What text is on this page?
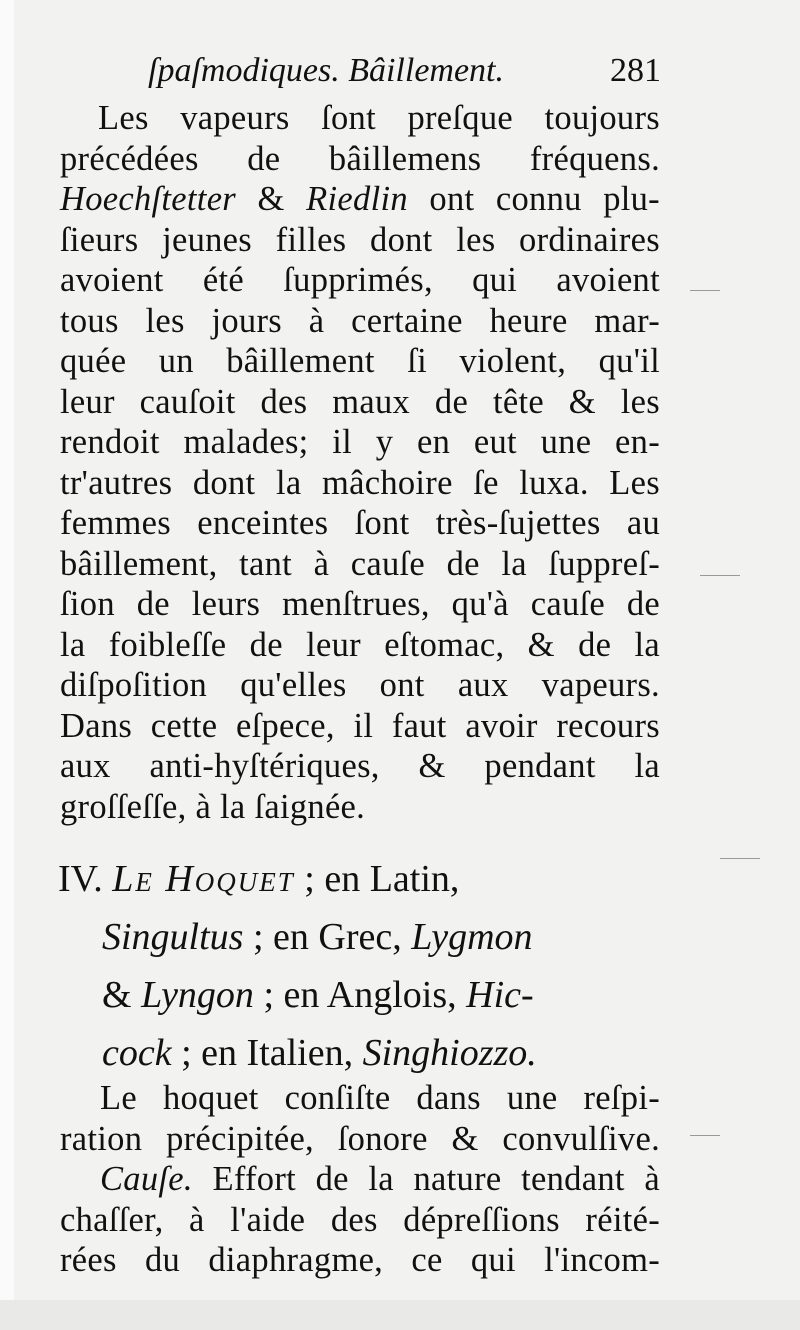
ſpaſmodiques. Bâillement.	281
Les vapeurs ſont preſque toujours
précédées de bâillemens fréquens.
Hoechſtetter & Riedlin ont connu plu-
ſieurs jeunes filles dont les ordinaires
avoient été ſupprimés, qui avoient
tous les jours à certaine heure mar-
quée un bâillement ſi violent, qu'il
leur cauſoit des maux de tête & les
rendoit malades; il y en eut une en-
tr'autres dont la mâchoire ſe luxa. Les
femmes enceintes ſont très-ſujettes au
bâillement, tant à cauſe de la ſuppreſ-
ſion de leurs menſtrues, qu'à cauſe de
la foibleſſe de leur eſtomac, & de la
diſpoſition qu'elles ont aux vapeurs.
Dans cette eſpece, il faut avoir recours
aux anti-hyſtériques, & pendant la
groſſeſſe, à la ſaignée.
IV. Le Hoquet ; en Latin,
Singultus ; en Grec, Lygmon
& Lyngon ; en Anglois, Hic-
cock ; en Italien, Singhiozzo.
Le hoquet conſiſte dans une reſpi-
ration précipitée, ſonore & convulſive.
Cauſe. Effort de la nature tendant à
chaſſer, à l'aide des dépreſſions réité-
rées du diaphragme, ce qui l'incom-
